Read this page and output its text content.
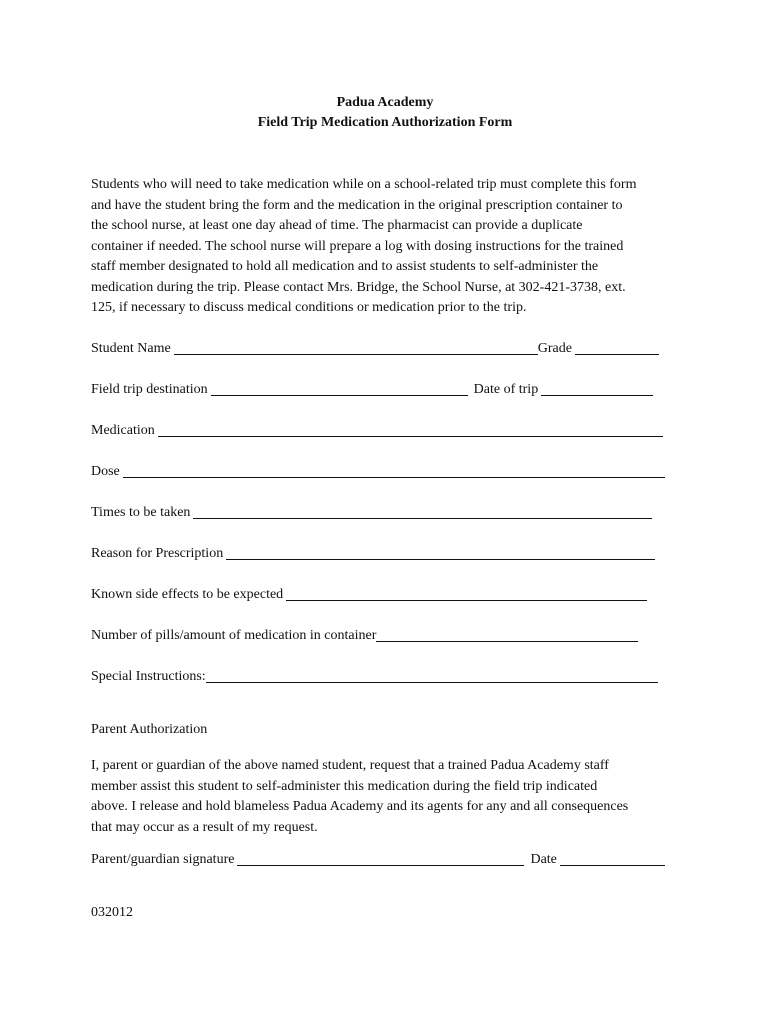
Padua Academy
Field Trip Medication Authorization Form
Students who will need to take medication while on a school-related trip must complete this form
and have the student bring the form and the medication in the original prescription container to
the school nurse, at least one day ahead of time. The pharmacist can provide a duplicate
container if needed. The school nurse will prepare a log with dosing instructions for the trained
staff member designated to hold all medication and to assist students to self-administer the
medication during the trip. Please contact Mrs. Bridge, the School Nurse, at 302-421-3738, ext.
125, if necessary to discuss medical conditions or medication prior to the trip.
Student Name	Grade
Field trip destination	Date of trip
Medication
Dose
Times to be taken
Reason for Prescription
Known side effects to be expected
Number of pills/amount of medication in container
Special Instructions:
Parent Authorization
I, parent or guardian of the above named student, request that a trained Padua Academy staff
member assist this student to self-administer this medication during the field trip indicated
above. I release and hold blameless Padua Academy and its agents for any and all consequences
that may occur as a result of my request.
Parent/guardian signature	Date
032012
